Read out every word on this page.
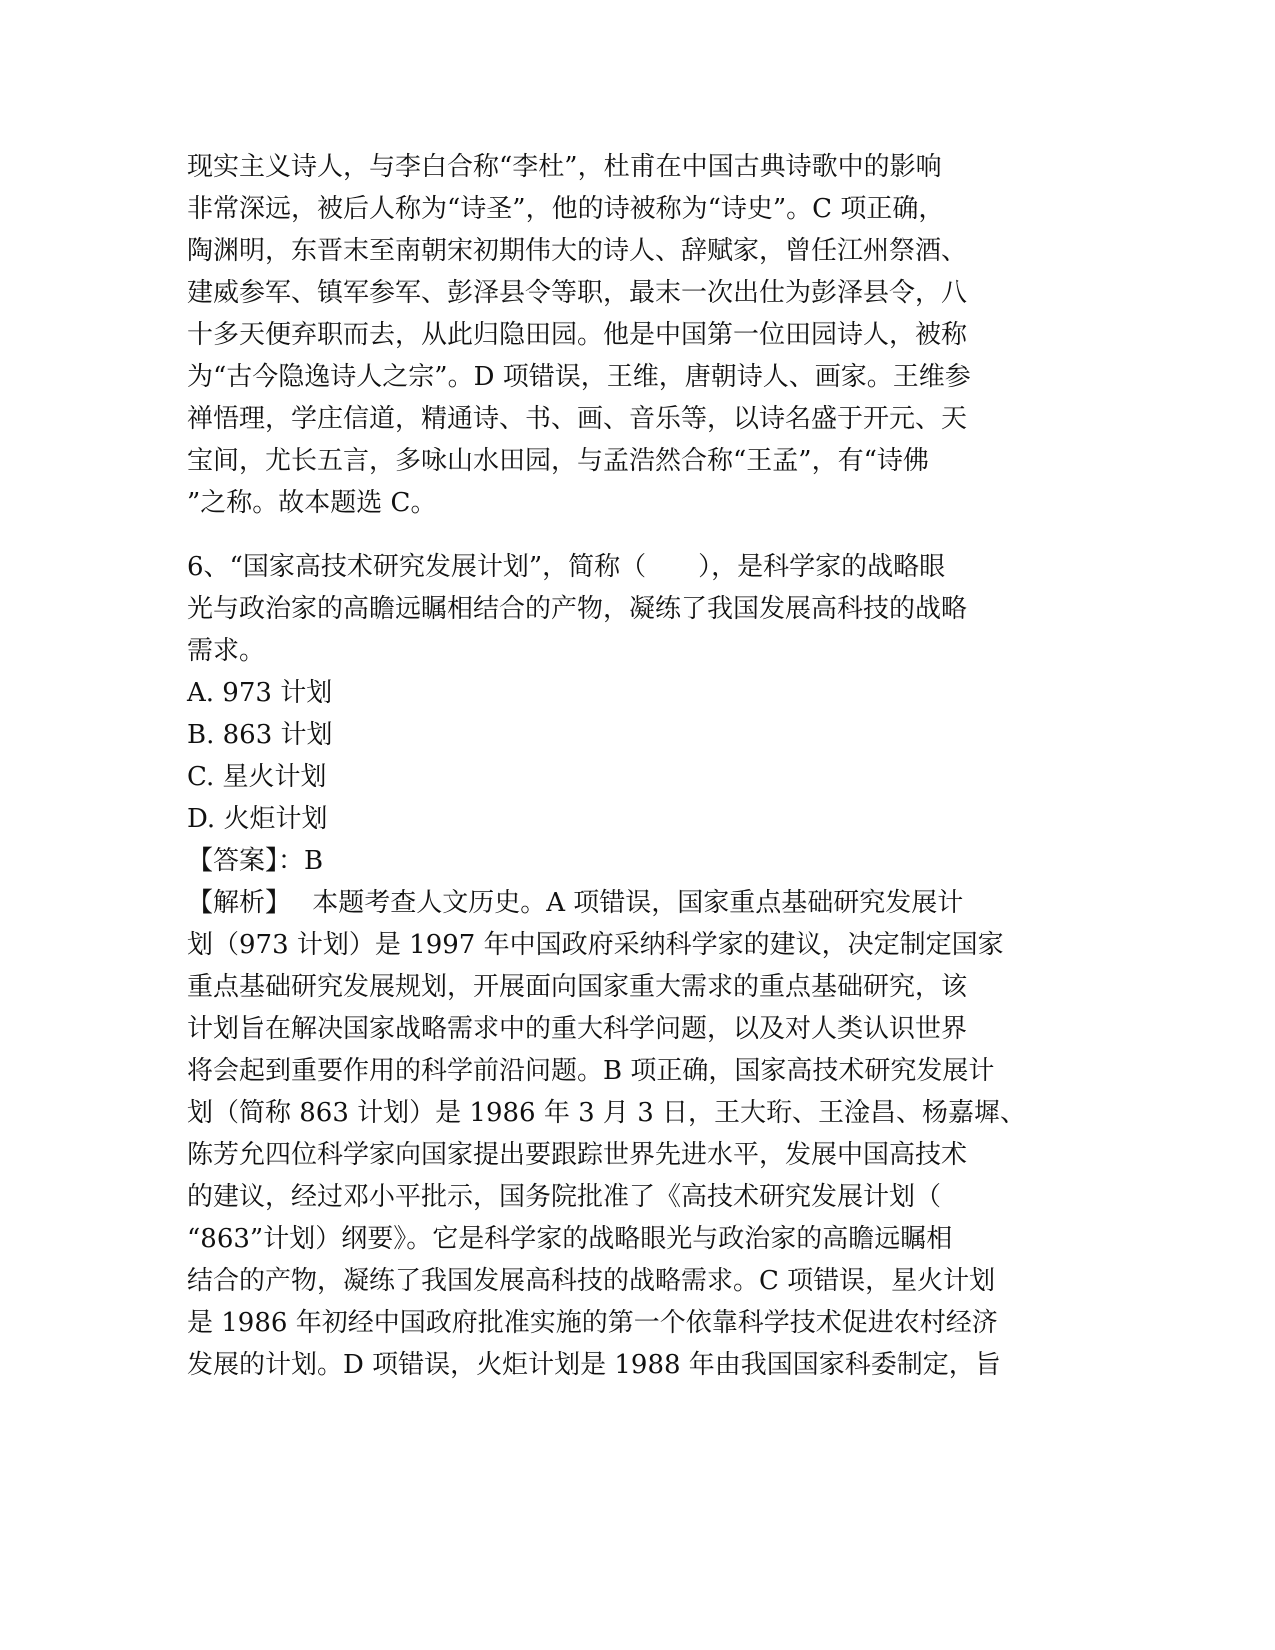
现实主义诗人，与李白合称“李杜”，杜甫在中国古典诗歌中的影响
非常深远，被后人称为“诗圣”，他的诗被称为“诗史”。C 项正确，
陶渊明，东晋末至南朝宋初期伟大的诗人、辞赋家，曾任江州祭酒、
建威参军、镇军参军、彭泽县令等职，最末一次出仕为彭泽县令，八
十多天便弃职而去，从此归隐田园。他是中国第一位田园诗人，被称
为“古今隐逸诗人之宗”。D 项错误，王维，唐朝诗人、画家。王维参
禅悟理，学庄信道，精通诗、书、画、音乐等，以诗名盛于开元、天
宝间，尤长五言，多咏山水田园，与孟浩然合称“王孟”，有“诗佛
”之称。故本题选 C。
6、“国家高技术研究发展计划”，简称（　　），是科学家的战略眼
光与政治家的高瞻远瞩相结合的产物，凝练了我国发展高科技的战略
需求。
A. 973 计划
B. 863 计划
C. 星火计划
D. 火炬计划
【答案】：B
【解析】　 本题考查人文历史。A 项错误，国家重点基础研究发展计
划（973 计划）是 1997 年中国政府采纳科学家的建议，决定制定国家
重点基础研究发展规划，开展面向国家重大需求的重点基础研究，该
计划旨在解决国家战略需求中的重大科学问题，以及对人类认识世界
将会起到重要作用的科学前沿问题。B 项正确，国家高技术研究发展计
划（简称 863 计划）是 1986 年 3 月 3 日，王大珩、王淦昌、杨嘉墀、
陈芳允四位科学家向国家提出要跟踪世界先进水平，发展中国高技术
的建议，经过邓小平批示，国务院批准了《高技术研究发展计划（
“863”计划）纲要》。它是科学家的战略眼光与政治家的高瞻远瞩相
结合的产物，凝练了我国发展高科技的战略需求。C 项错误，星火计划
是 1986 年初经中国政府批准实施的第一个依靠科学技术促进农村经济
发展的计划。D 项错误，火炬计划是 1988 年由我国国家科委制定，旨
